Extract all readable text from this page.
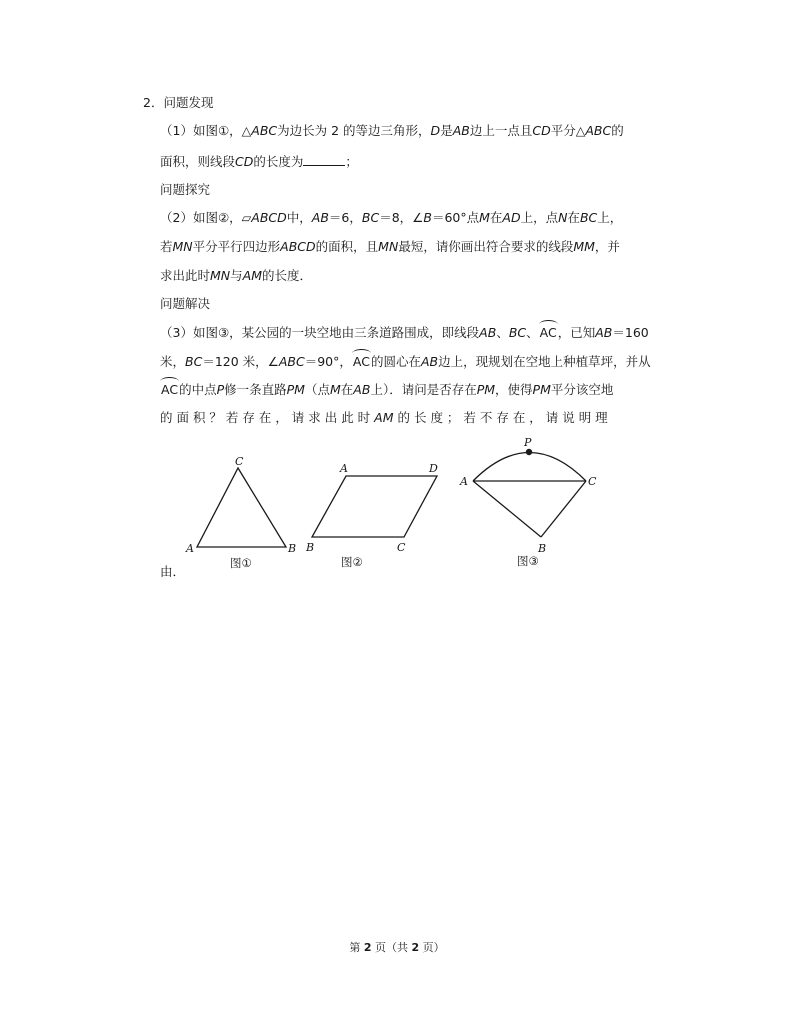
2．问题发现
（1）如图①，△ABC为边长为 2 的等边三角形，D是AB边上一点且CD平分△ABC的
面积，则线段CD的长度为	；
问题探究
（2）如图②，▱ABCD中，AB＝6，BC＝8，∠B＝60°点M在AD上，点N在BC上，
若MN平分平行四边形ABCD的面积，且MN最短，请你画出符合要求的线段MM，并
求出此时MN与AM的长度．
问题解决
（3）如图③，某公园的一块空地由三条道路围成，即线段AB、BC、AC，已知AB＝160
米，BC＝120 米，∠ABC＝90°，AC的圆心在AB边上，现规划在空地上种植草坪，并从
AC的中点P修一条直路PM（点M在AB上）．请问是否存在PM，使得PM平分该空地
的 面 积 ？ 若 存 在 ， 请 求 出 此 时 AM 的 长 度 ； 若 不 存 在 ， 请 说 明 理
C
A	B
图①
由．
A	D
B	C
图②
P
A	C
B
图③
第 2 页（共 2 页）
